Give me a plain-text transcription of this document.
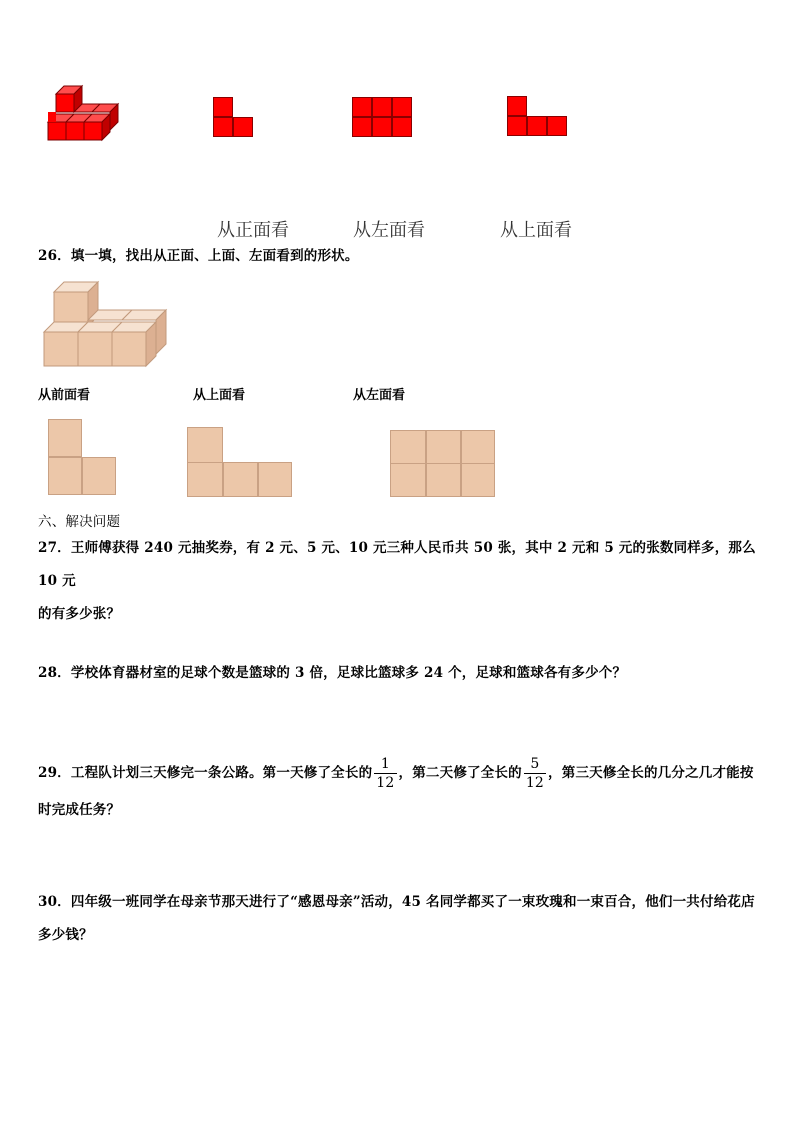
从正面看	从左面看	从上面看
26．填一填，找出从正面、上面、左面看到的形状。
从前面看	从上面看	从左面看
六、解决问题
27．王师傅获得 240 元抽奖券，有 2 元、5 元、10 元三种人民币共 50 张，其中 2 元和 5 元的张数同样多，那么 10 元
的有多少张？
28．学校体育器材室的足球个数是篮球的 3 倍，足球比篮球多 24 个，足球和篮球各有多少个？
29．工程队计划三天修完一条公路。第一天修了全长的 $\frac{1}{12}$ ，第二天修了全长的 $\frac{5}{12}$ ，第三天修全长的几分之几才能按
时完成任务？
30．四年级一班同学在母亲节那天进行了“感恩母亲”活动，45 名同学都买了一束玫瑰和一束百合，他们一共付给花店
多少钱？
